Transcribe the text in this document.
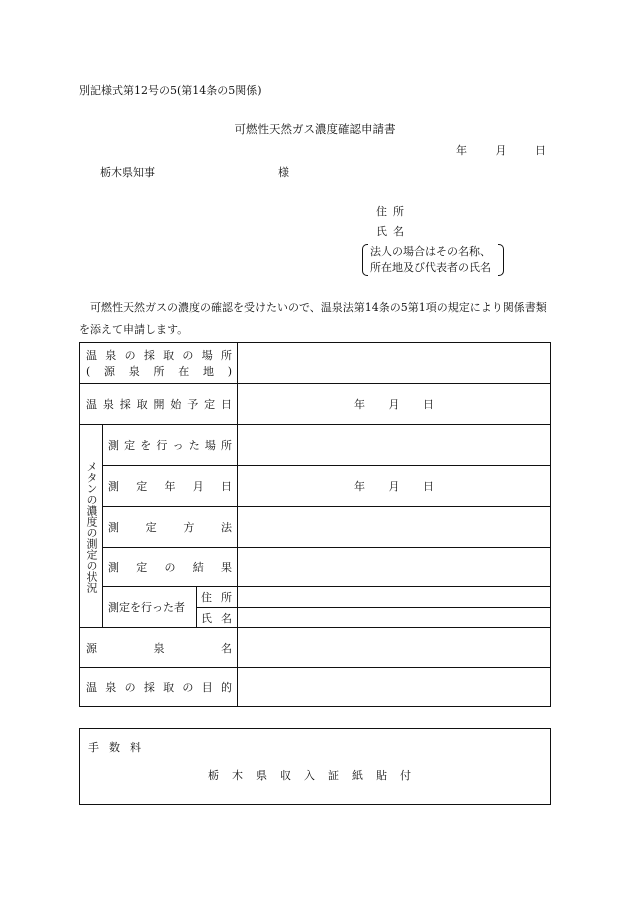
別記様式第12号の5(第14条の5関係)
可燃性天然ガス濃度確認申請書
年	月	日
栃木県知事	様
住所
氏名
法人の場合はその名称、
所在地及び代表者の氏名
可燃性天然ガスの濃度の確認を受けたいので、温泉法第14条の5第1項の規定により関係書類を添えて申請します。
温 泉 の 採 取 の 場 所
( 源 泉 所 在 地 )
温 泉 採 取 開 始 予 定 日	年 月 日
メタンの濃度の測定の状況
測 定 を 行 っ た 場 所
測 定 年 月 日	年 月 日
測 定 方 法
測 定 の 結 果
測定を行った者
住 所
氏 名
源	泉	名
温 泉 の 採 取 の 目 的
手数料
栃木県収入証紙貼付
